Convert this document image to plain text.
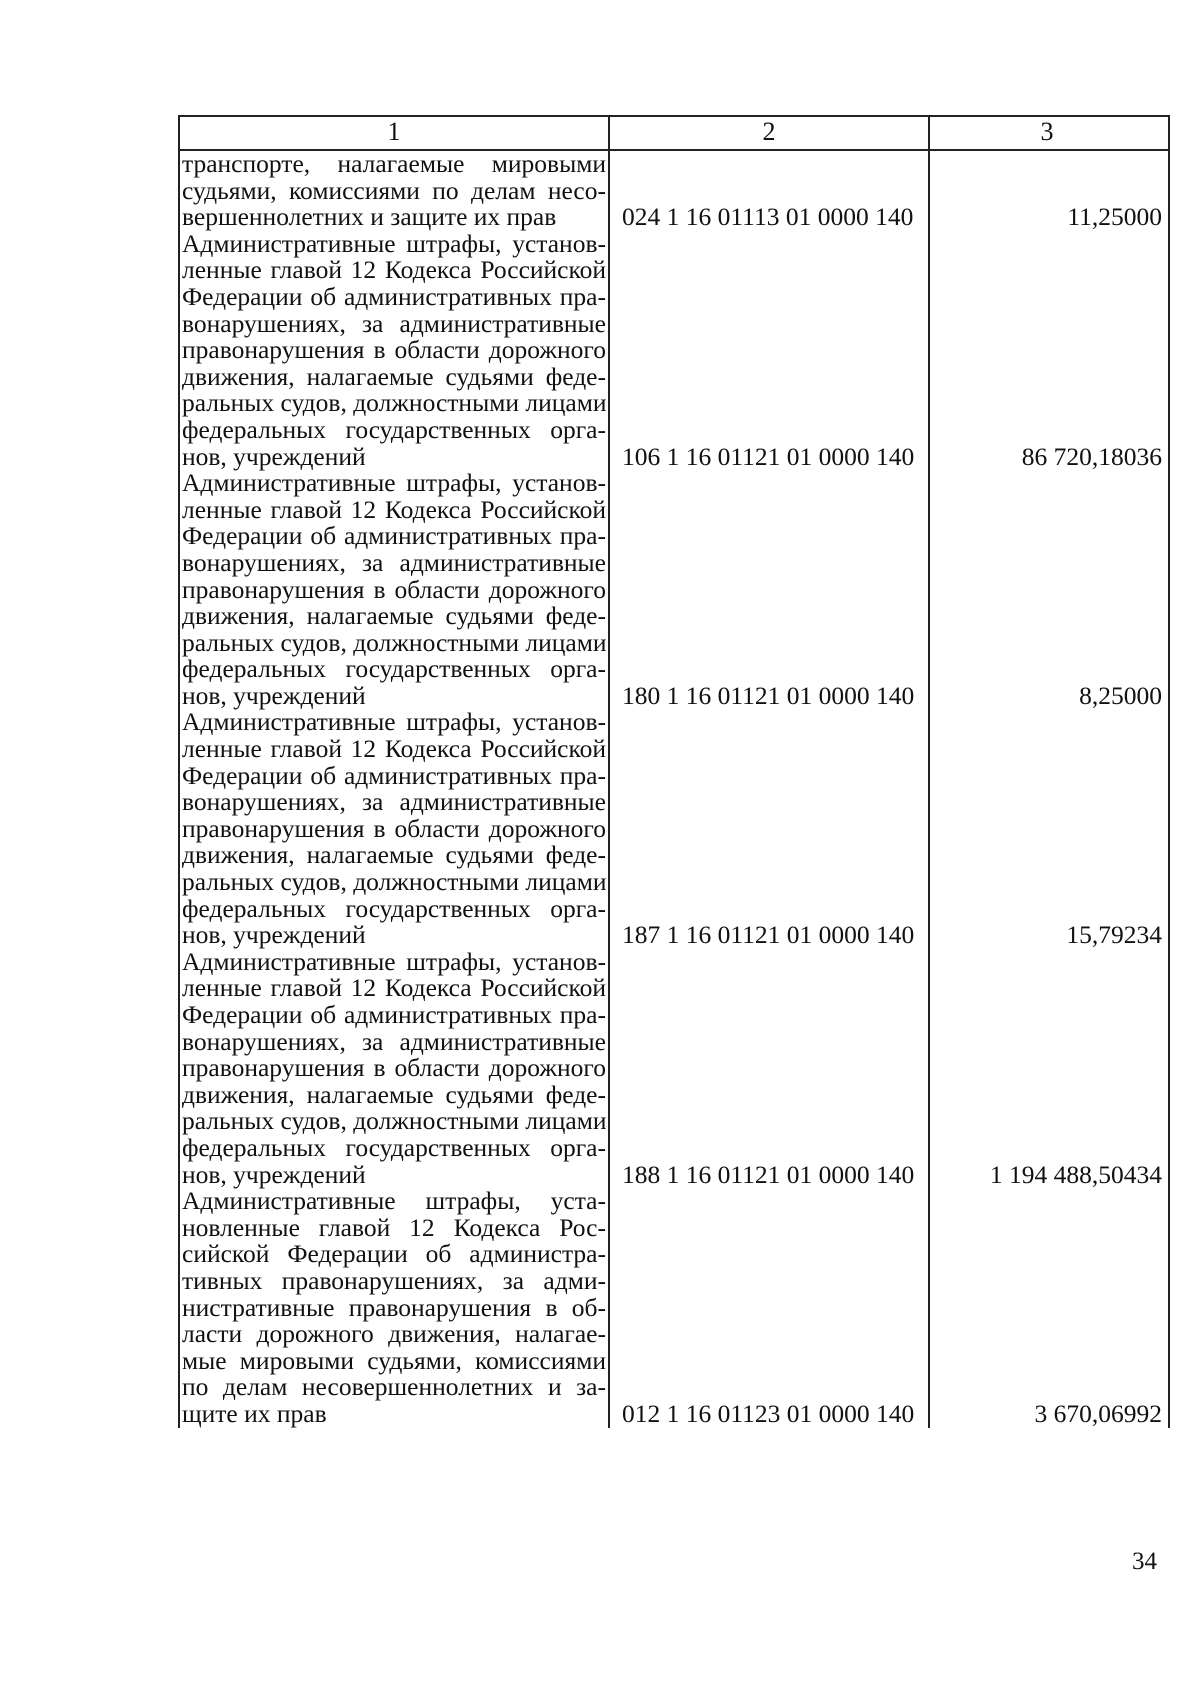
1	2	3
транспорте, налагаемые мировыми
судьями, комиссиями по делам несо-
вершеннолетних и защите их прав	024 1 16 01113 01 0000 140	11,25000
Административные штрафы, установ-
ленные главой 12 Кодекса Российской
Федерации об административных пра-
вонарушениях, за административные
правонарушения в области дорожного
движения, налагаемые судьями феде-
ральных судов, должностными лицами
федеральных государственных орга-
нов, учреждений	106 1 16 01121 01 0000 140	86 720,18036
Административные штрафы, установ-
ленные главой 12 Кодекса Российской
Федерации об административных пра-
вонарушениях, за административные
правонарушения в области дорожного
движения, налагаемые судьями феде-
ральных судов, должностными лицами
федеральных государственных орга-
нов, учреждений	180 1 16 01121 01 0000 140	8,25000
Административные штрафы, установ-
ленные главой 12 Кодекса Российской
Федерации об административных пра-
вонарушениях, за административные
правонарушения в области дорожного
движения, налагаемые судьями феде-
ральных судов, должностными лицами
федеральных государственных орга-
нов, учреждений	187 1 16 01121 01 0000 140	15,79234
Административные штрафы, установ-
ленные главой 12 Кодекса Российской
Федерации об административных пра-
вонарушениях, за административные
правонарушения в области дорожного
движения, налагаемые судьями феде-
ральных судов, должностными лицами
федеральных государственных орга-
нов, учреждений	188 1 16 01121 01 0000 140	1 194 488,50434
Административные штрафы, уста-
новленные главой 12 Кодекса Рос-
сийской Федерации об администра-
тивных правонарушениях, за адми-
нистративные правонарушения в об-
ласти дорожного движения, налагае-
мые мировыми судьями, комиссиями
по делам несовершеннолетних и за-
щите их прав	012 1 16 01123 01 0000 140	3 670,06992
34
